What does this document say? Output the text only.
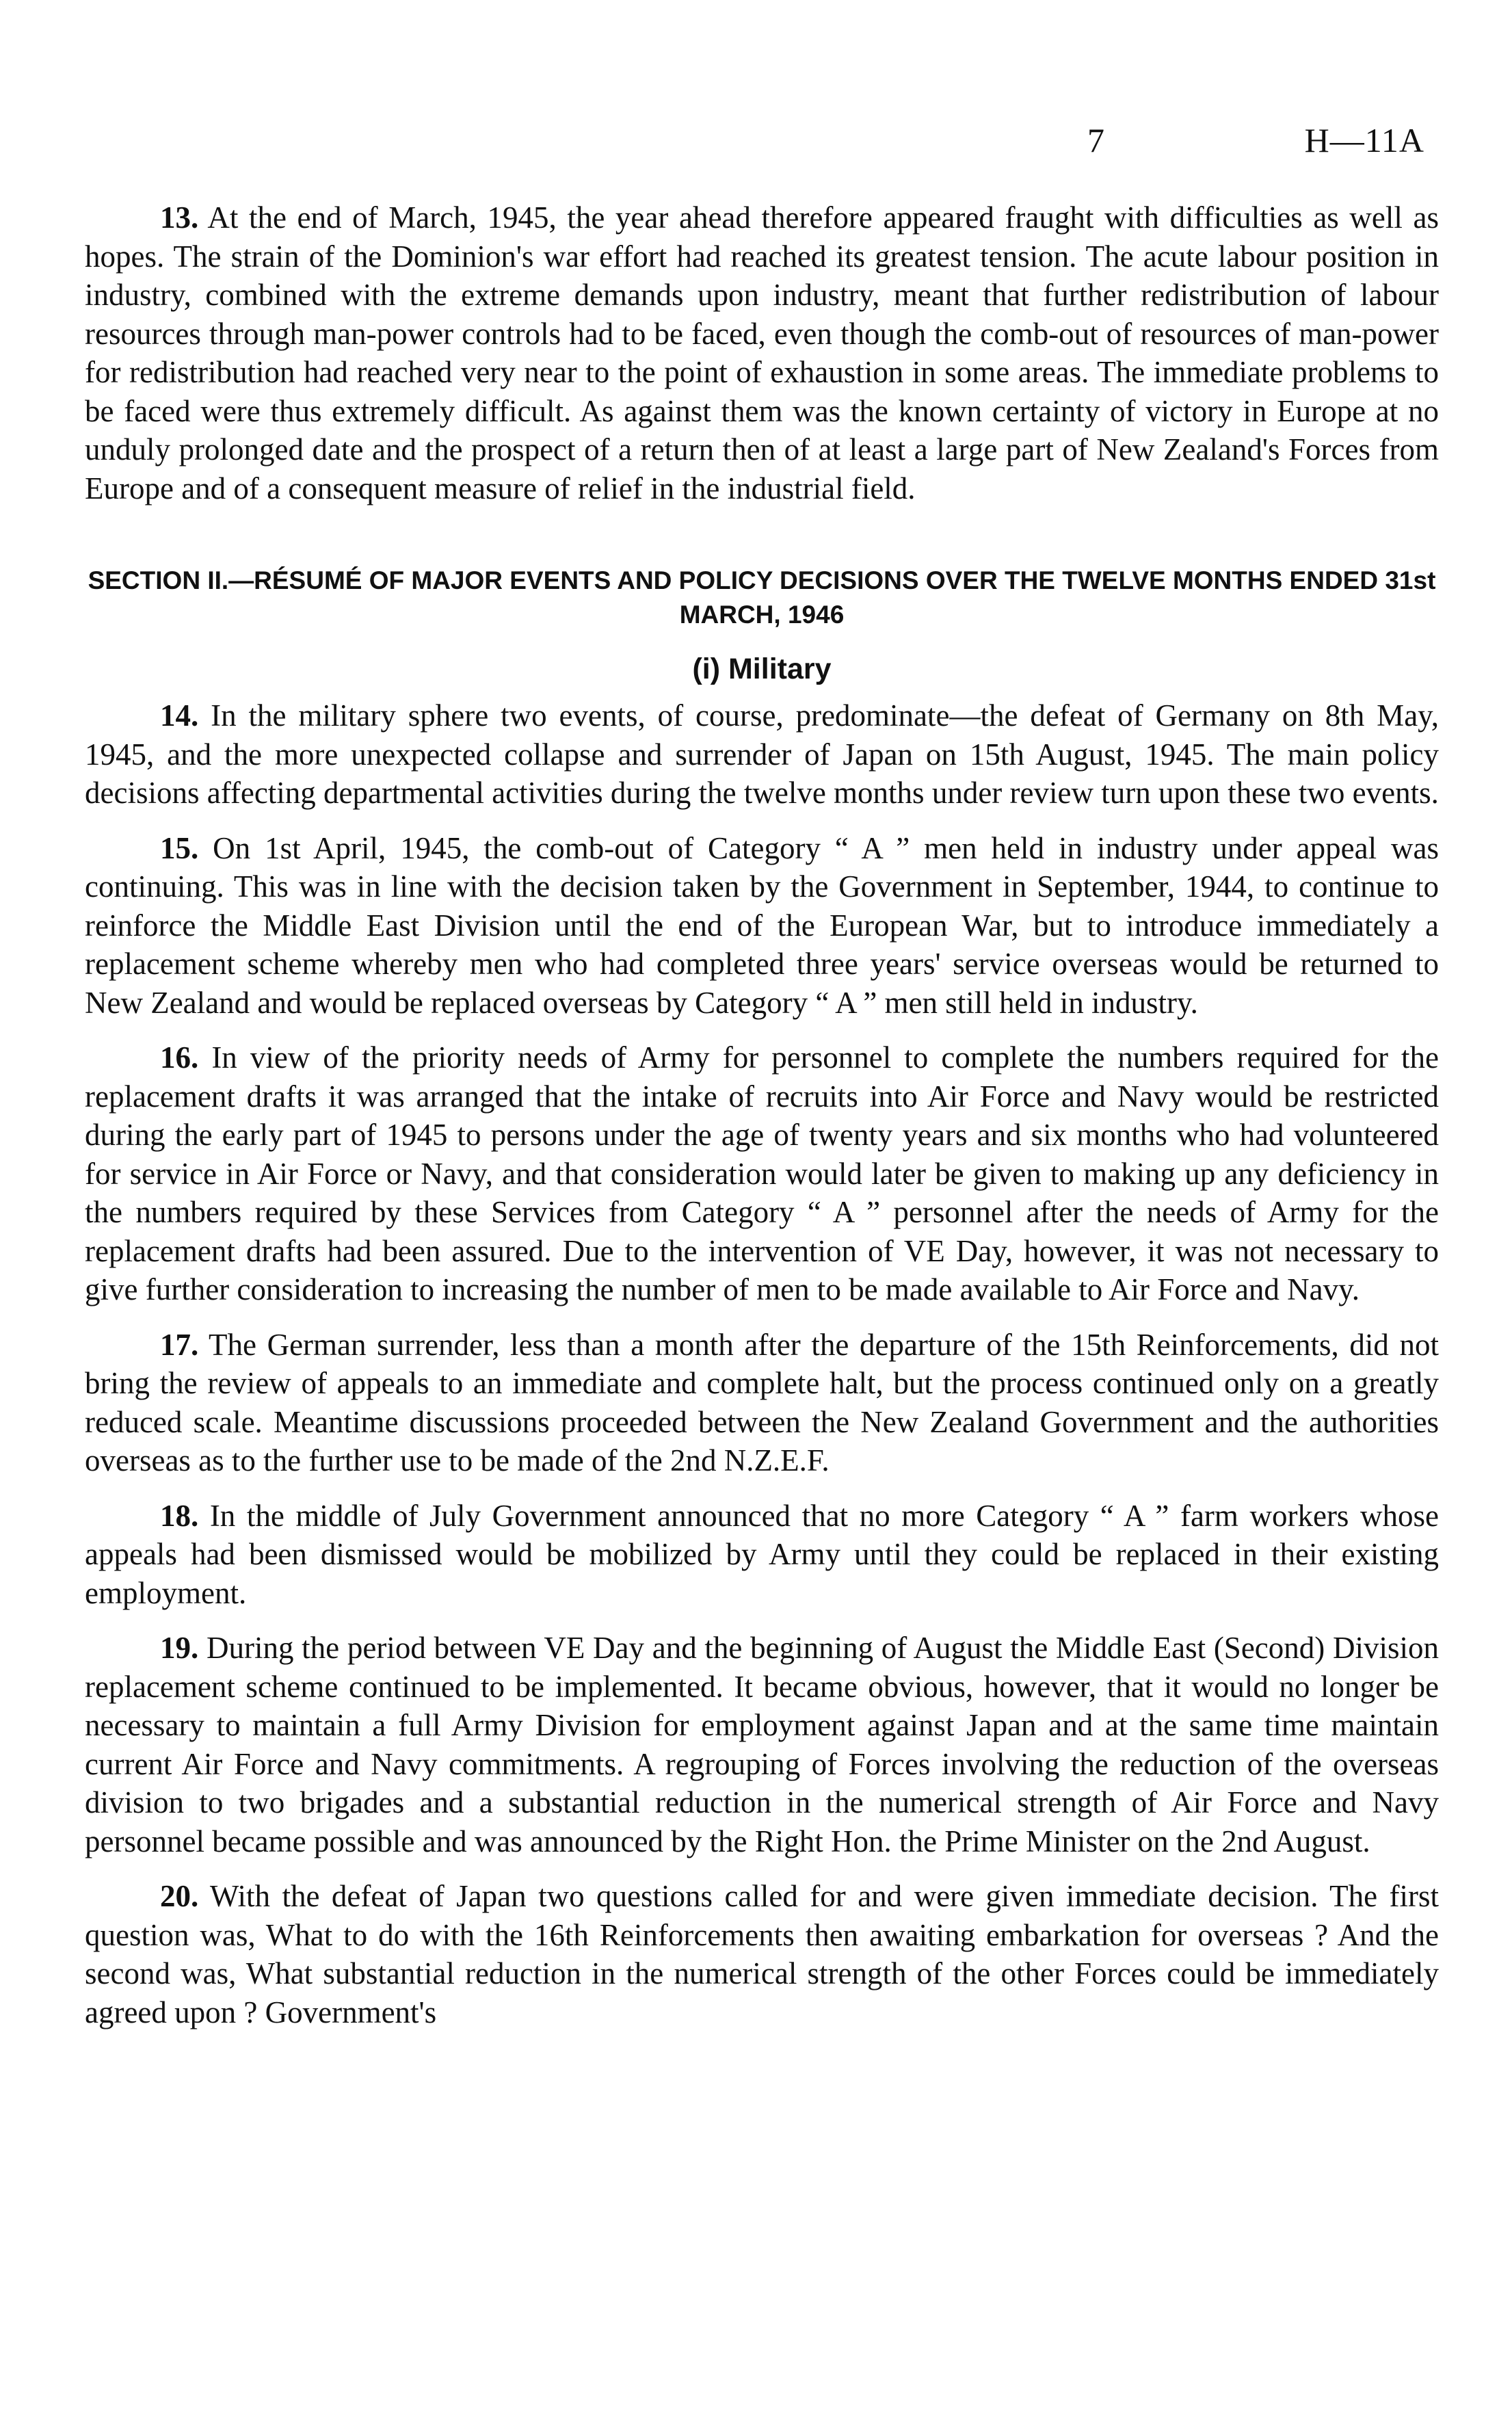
7	H—11A

13. At the end of March, 1945, the year ahead therefore appeared fraught with difficulties as well as hopes. The strain of the Dominion's war effort had reached its greatest tension. The acute labour position in industry, combined with the extreme demands upon industry, meant that further redistribution of labour resources through man-power controls had to be faced, even though the comb-out of resources of man-power for redistribution had reached very near to the point of exhaustion in some areas. The immediate problems to be faced were thus extremely difficult. As against them was the known certainty of victory in Europe at no unduly prolonged date and the prospect of a return then of at least a large part of New Zealand's Forces from Europe and of a consequent measure of relief in the industrial field.

SECTION II.—RÉSUMÉ OF MAJOR EVENTS AND POLICY DECISIONS OVER THE TWELVE MONTHS ENDED 31st MARCH, 1946
(i) Military

14. In the military sphere two events, of course, predominate—the defeat of Germany on 8th May, 1945, and the more unexpected collapse and surrender of Japan on 15th August, 1945. The main policy decisions affecting departmental activities during the twelve months under review turn upon these two events.

15. On 1st April, 1945, the comb-out of Category “ A ” men held in industry under appeal was continuing. This was in line with the decision taken by the Government in September, 1944, to continue to reinforce the Middle East Division until the end of the European War, but to introduce immediately a replacement scheme whereby men who had completed three years' service overseas would be returned to New Zealand and would be replaced overseas by Category “ A ” men still held in industry.

16. In view of the priority needs of Army for personnel to complete the numbers required for the replacement drafts it was arranged that the intake of recruits into Air Force and Navy would be restricted during the early part of 1945 to persons under the age of twenty years and six months who had volunteered for service in Air Force or Navy, and that consideration would later be given to making up any deficiency in the numbers required by these Services from Category “ A ” personnel after the needs of Army for the replacement drafts had been assured. Due to the intervention of VE Day, however, it was not necessary to give further consideration to increasing the number of men to be made available to Air Force and Navy.

17. The German surrender, less than a month after the departure of the 15th Reinforcements, did not bring the review of appeals to an immediate and complete halt, but the process continued only on a greatly reduced scale. Meantime discussions proceeded between the New Zealand Government and the authorities overseas as to the further use to be made of the 2nd N.Z.E.F.

18. In the middle of July Government announced that no more Category “ A ” farm workers whose appeals had been dismissed would be mobilized by Army until they could be replaced in their existing employment.

19. During the period between VE Day and the beginning of August the Middle East (Second) Division replacement scheme continued to be implemented. It became obvious, however, that it would no longer be necessary to maintain a full Army Division for employment against Japan and at the same time maintain current Air Force and Navy commitments. A regrouping of Forces involving the reduction of the overseas division to two brigades and a substantial reduction in the numerical strength of Air Force and Navy personnel became possible and was announced by the Right Hon. the Prime Minister on the 2nd August.

20. With the defeat of Japan two questions called for and were given immediate decision. The first question was, What to do with the 16th Reinforcements then awaiting embarkation for overseas ? And the second was, What substantial reduction in the numerical strength of the other Forces could be immediately agreed upon ? Government's
